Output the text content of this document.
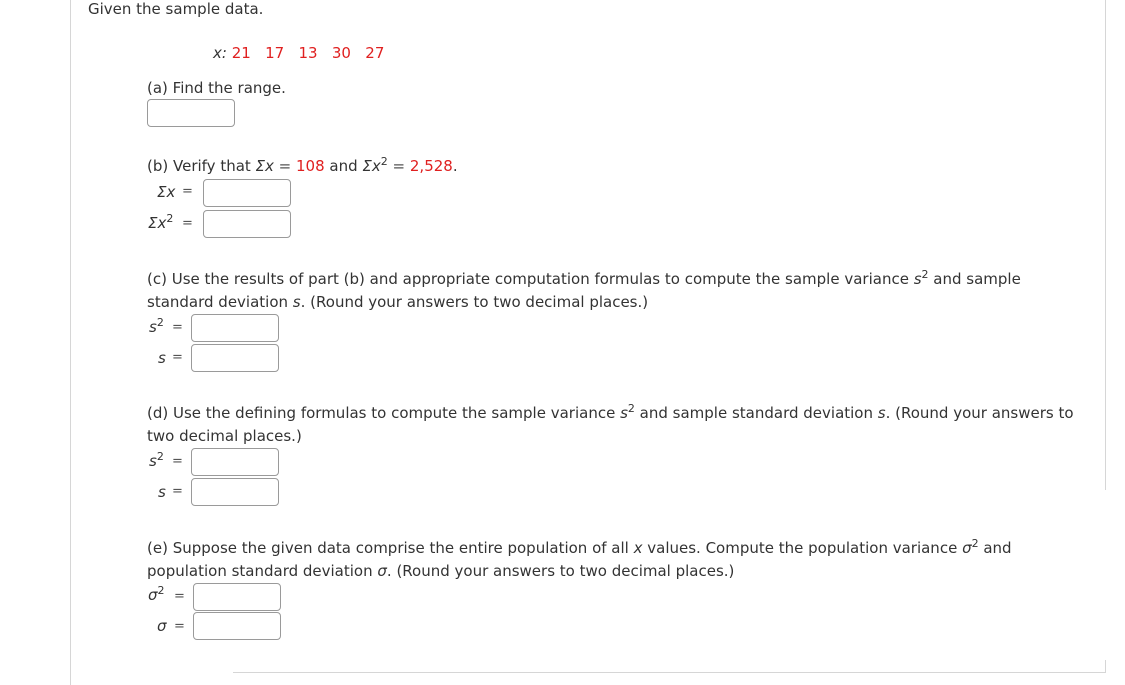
Given the sample data.
x: 21   17   13   30   27
(a) Find the range.
(b) Verify that Σx = 108 and $\Sigma x^2 = 2,528$.
Σx =
$\Sigma x^2$ =
(c) Use the results of part (b) and appropriate computation formulas to compute the sample variance $s^2$ and sample
standard deviation s. (Round your answers to two decimal places.)
$s^2$ =
s =
(d) Use the defining formulas to compute the sample variance $s^2$ and sample standard deviation s. (Round your answers to
two decimal places.)
$s^2$ =
s =
(e) Suppose the given data comprise the entire population of all x values. Compute the population variance $\sigma^2$ and
population standard deviation σ. (Round your answers to two decimal places.)
$\sigma^2$ =
σ =
